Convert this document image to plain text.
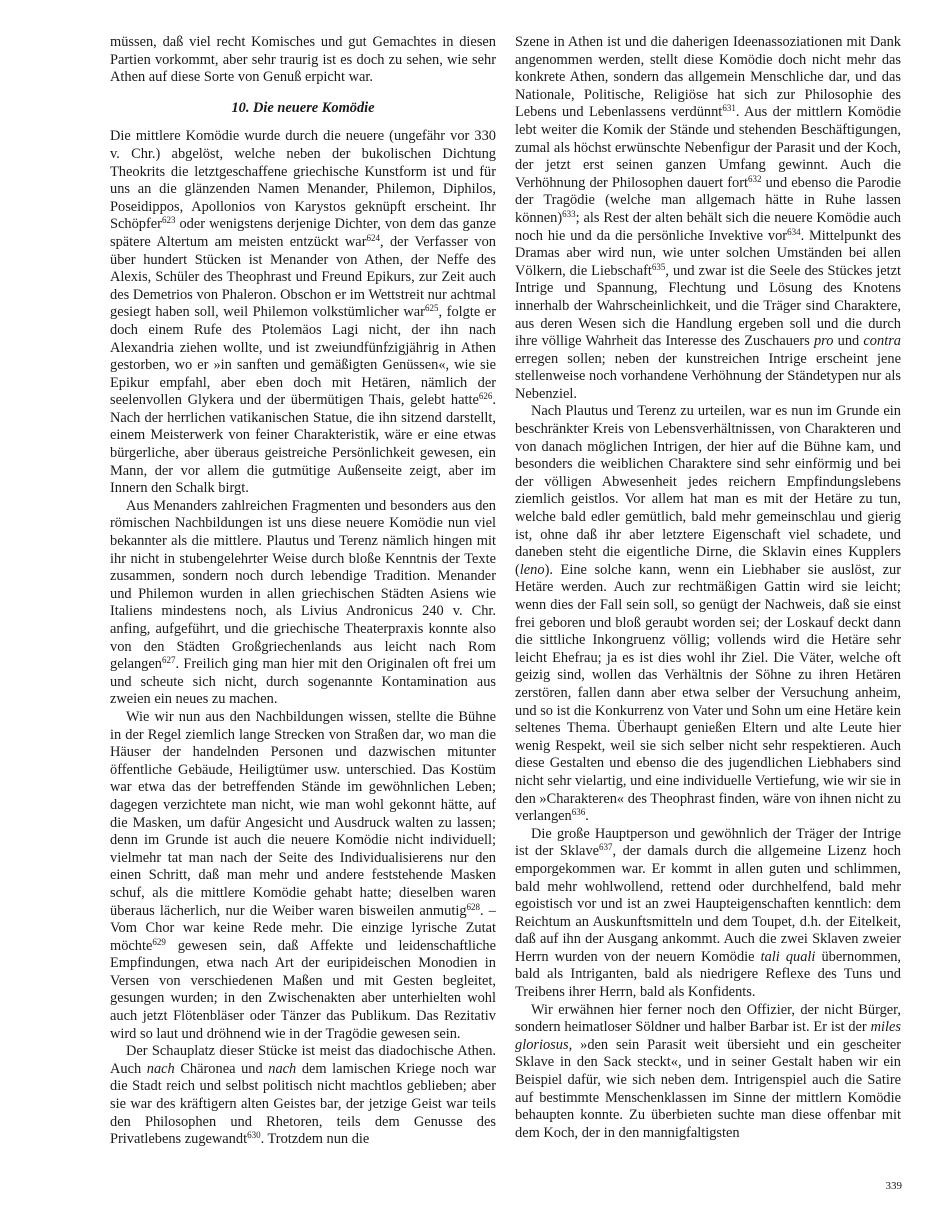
müssen, daß viel recht Komisches und gut Gemachtes in diesen Partien vorkommt, aber sehr traurig ist es doch zu sehen, wie sehr Athen auf diese Sorte von Genuß erpicht war.

10. Die neuere Komödie

Die mittlere Komödie wurde durch die neuere (ungefähr vor 330 v. Chr.) abgelöst, welche neben der bukolischen Dichtung Theokrits die letztgeschaffene griechische Kunstform ist und für uns an die glänzenden Namen Menander, Philemon, Diphilos, Poseidippos, Apollonios von Karystos geknüpft erscheint. Ihr Schöpfer$^{623}$ oder wenigstens derjenige Dichter, von dem das ganze spätere Altertum am meisten entzückt war$^{624}$, der Verfasser von über hundert Stücken ist Menander von Athen, der Neffe des Alexis, Schüler des Theophrast und Freund Epikurs, zur Zeit auch des Demetrios von Phaleron. Obschon er im Wettstreit nur achtmal gesiegt haben soll, weil Philemon volkstümlicher war$^{625}$, folgte er doch einem Rufe des Ptolemäos Lagi nicht, der ihn nach Alexandria ziehen wollte, und ist zweiundfünfzigjährig in Athen gestorben, wo er »in sanften und gemäßigten Genüssen«, wie sie Epikur empfahl, aber eben doch mit Hetären, nämlich der seelenvollen Glykera und der übermütigen Thais, gelebt hatte$^{626}$. Nach der herrlichen vatikanischen Statue, die ihn sitzend darstellt, einem Meisterwerk von feiner Charakteristik, wäre er eine etwas bürgerliche, aber überaus geistreiche Persönlichkeit gewesen, ein Mann, der vor allem die gutmütige Außenseite zeigt, aber im Innern den Schalk birgt.

Aus Menanders zahlreichen Fragmenten und besonders aus den römischen Nachbildungen ist uns diese neuere Komödie nun viel bekannter als die mittlere. Plautus und Terenz nämlich hingen mit ihr nicht in stubengelehrter Weise durch bloße Kenntnis der Texte zusammen, sondern noch durch lebendige Tradition. Menander und Philemon wurden in allen griechischen Städten Asiens wie Italiens mindestens noch, als Livius Andronicus 240 v. Chr. anfing, aufgeführt, und die griechische Theaterpraxis konnte also von den Städten Großgriechenlands aus leicht nach Rom gelangen$^{627}$. Freilich ging man hier mit den Originalen oft frei um und scheute sich nicht, durch sogenannte Kontamination aus zweien ein neues zu machen.

Wie wir nun aus den Nachbildungen wissen, stellte die Bühne in der Regel ziemlich lange Strecken von Straßen dar, wo man die Häuser der handelnden Personen und dazwischen mitunter öffentliche Gebäude, Heiligtümer usw. unterschied. Das Kostüm war etwa das der betreffenden Stände im gewöhnlichen Leben; dagegen verzichtete man nicht, wie man wohl gekonnt hätte, auf die Masken, um dafür Angesicht und Ausdruck walten zu lassen; denn im Grunde ist auch die neuere Komödie nicht individuell; vielmehr tat man nach der Seite des Individualisierens nur den einen Schritt, daß man mehr und andere feststehende Masken schuf, als die mittlere Komödie gehabt hatte; dieselben waren überaus lächerlich, nur die Weiber waren bisweilen anmutig$^{628}$. – Vom Chor war keine Rede mehr. Die einzige lyrische Zutat möchte$^{629}$ gewesen sein, daß Affekte und leidenschaftliche Empfindungen, etwa nach Art der euripideischen Monodien in Versen von verschiedenen Maßen und mit Gesten begleitet, gesungen wurden; in den Zwischenakten aber unterhielten wohl auch jetzt Flötenbläser oder Tänzer das Publikum. Das Rezitativ wird so laut und dröhnend wie in der Tragödie gewesen sein.

Der Schauplatz dieser Stücke ist meist das diadochische Athen. Auch nach Chäronea und nach dem lamischen Kriege noch war die Stadt reich und selbst politisch nicht machtlos geblieben; aber sie war des kräftigern alten Geistes bar, der jetzige Geist war teils den Philosophen und Rhetoren, teils dem Genusse des Privatlebens zugewandt$^{630}$. Trotzdem nun die

Szene in Athen ist und die daherigen Ideenassoziationen mit Dank angenommen werden, stellt diese Komödie doch nicht mehr das konkrete Athen, sondern das allgemein Menschliche dar, und das Nationale, Politische, Religiöse hat sich zur Philosophie des Lebens und Lebenlassens verdünnt$^{631}$. Aus der mittlern Komödie lebt weiter die Komik der Stände und stehenden Beschäftigungen, zumal als höchst erwünschte Nebenfigur der Parasit und der Koch, der jetzt erst seinen ganzen Umfang gewinnt. Auch die Verhöhnung der Philosophen dauert fort$^{632}$ und ebenso die Parodie der Tragödie (welche man allgemach hätte in Ruhe lassen können)$^{633}$; als Rest der alten behält sich die neuere Komödie auch noch hie und da die persönliche Invektive vor$^{634}$. Mittelpunkt des Dramas aber wird nun, wie unter solchen Umständen bei allen Völkern, die Liebschaft$^{635}$, und zwar ist die Seele des Stückes jetzt Intrige und Spannung, Flechtung und Lösung des Knotens innerhalb der Wahrscheinlichkeit, und die Träger sind Charaktere, aus deren Wesen sich die Handlung ergeben soll und die durch ihre völlige Wahrheit das Interesse des Zuschauers pro und contra erregen sollen; neben der kunstreichen Intrige erscheint jene stellenweise noch vorhandene Verhöhnung der Ständetypen nur als Nebenziel.

Nach Plautus und Terenz zu urteilen, war es nun im Grunde ein beschränkter Kreis von Lebensverhältnissen, von Charakteren und von danach möglichen Intrigen, der hier auf die Bühne kam, und besonders die weiblichen Charaktere sind sehr einförmig und bei der völligen Abwesenheit jedes reichern Empfindungslebens ziemlich geistlos. Vor allem hat man es mit der Hetäre zu tun, welche bald edler gemütlich, bald mehr gemeinschlau und gierig ist, ohne daß ihr aber letztere Eigenschaft viel schadete, und daneben steht die eigentliche Dirne, die Sklavin eines Kupplers (leno). Eine solche kann, wenn ein Liebhaber sie auslöst, zur Hetäre werden. Auch zur rechtmäßigen Gattin wird sie leicht; wenn dies der Fall sein soll, so genügt der Nachweis, daß sie einst frei geboren und bloß geraubt worden sei; der Loskauf deckt dann die sittliche Inkongruenz völlig; vollends wird die Hetäre sehr leicht Ehefrau; ja es ist dies wohl ihr Ziel. Die Väter, welche oft geizig sind, wollen das Verhältnis der Söhne zu ihren Hetären zerstören, fallen dann aber etwa selber der Versuchung anheim, und so ist die Konkurrenz von Vater und Sohn um eine Hetäre kein seltenes Thema. Überhaupt genießen Eltern und alte Leute hier wenig Respekt, weil sie sich selber nicht sehr respektieren. Auch diese Gestalten und ebenso die des jugendlichen Liebhabers sind nicht sehr vielartig, und eine individuelle Vertiefung, wie wir sie in den »Charakteren« des Theophrast finden, wäre von ihnen nicht zu verlangen$^{636}$.

Die große Hauptperson und gewöhnlich der Träger der Intrige ist der Sklave$^{637}$, der damals durch die allgemeine Lizenz hoch emporgekommen war. Er kommt in allen guten und schlimmen, bald mehr wohlwollend, rettend oder durchhelfend, bald mehr egoistisch vor und ist an zwei Haupteigenschaften kenntlich: dem Reichtum an Auskunftsmitteln und dem Toupet, d.h. der Eitelkeit, daß auf ihn der Ausgang ankommt. Auch die zwei Sklaven zweier Herrn wurden von der neuern Komödie tali quali übernommen, bald als Intriganten, bald als niedrigere Reflexe des Tuns und Treibens ihrer Herrn, bald als Konfidents.

Wir erwähnen hier ferner noch den Offizier, der nicht Bürger, sondern heimatloser Söldner und halber Barbar ist. Er ist der miles gloriosus, »den sein Parasit weit übersieht und ein gescheiter Sklave in den Sack steckt«, und in seiner Gestalt haben wir ein Beispiel dafür, wie sich neben dem. Intrigenspiel auch die Satire auf bestimmte Menschenklassen im Sinne der mittlern Komödie behaupten konnte. Zu überbieten suchte man diese offenbar mit dem Koch, der in den mannigfaltigsten

339
